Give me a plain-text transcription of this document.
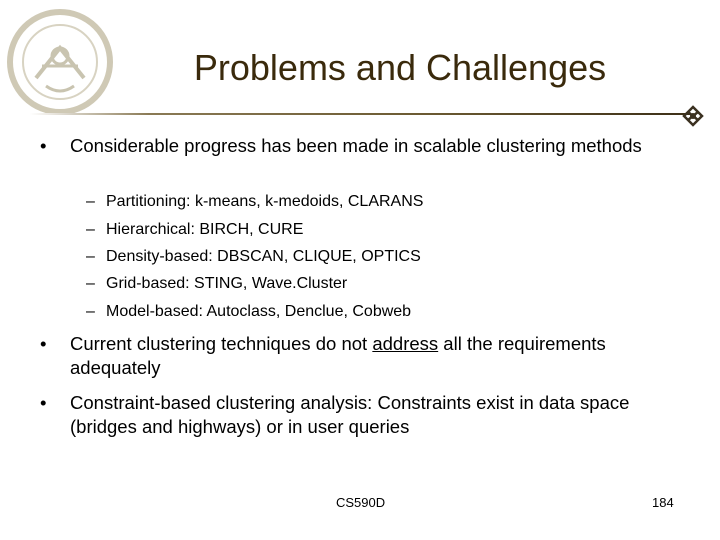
Problems and Challenges
• Considerable progress has been made in scalable clustering methods
– Partitioning: k-means, k-medoids, CLARANS
– Hierarchical: BIRCH, CURE
– Density-based: DBSCAN, CLIQUE, OPTICS
– Grid-based: STING, Wave.Cluster
– Model-based: Autoclass, Denclue, Cobweb
• Current clustering techniques do not address all the requirements adequately
• Constraint-based clustering analysis: Constraints exist in data space (bridges and highways) or in user queries
CS590D	184
